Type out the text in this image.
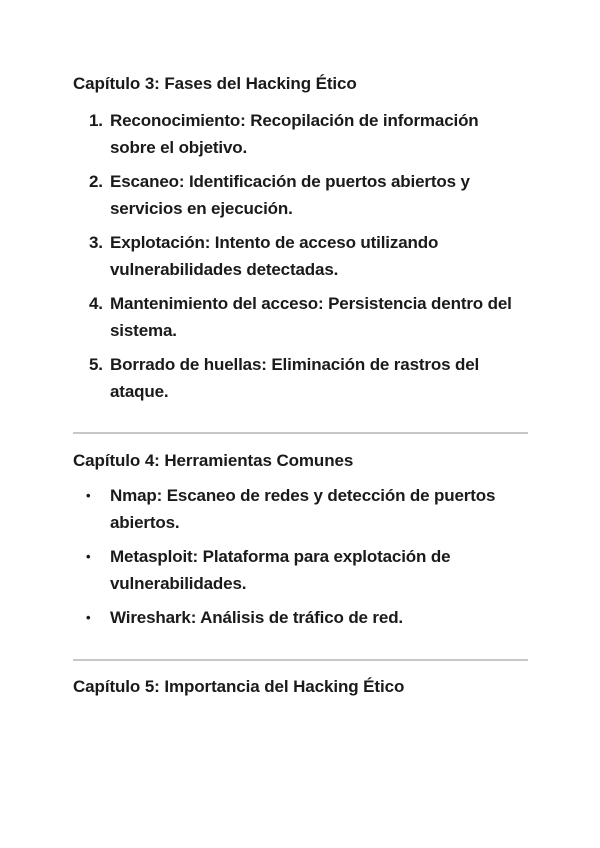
Capítulo 3: Fases del Hacking Ético
1. Reconocimiento: Recopilación de información sobre el objetivo.
2. Escaneo: Identificación de puertos abiertos y servicios en ejecución.
3. Explotación: Intento de acceso utilizando vulnerabilidades detectadas.
4. Mantenimiento del acceso: Persistencia dentro del sistema.
5. Borrado de huellas: Eliminación de rastros del ataque.
Capítulo 4: Herramientas Comunes
•	Nmap: Escaneo de redes y detección de puertos abiertos.
•	Metasploit: Plataforma para explotación de vulnerabilidades.
•	Wireshark: Análisis de tráfico de red.
Capítulo 5: Importancia del Hacking Ético
